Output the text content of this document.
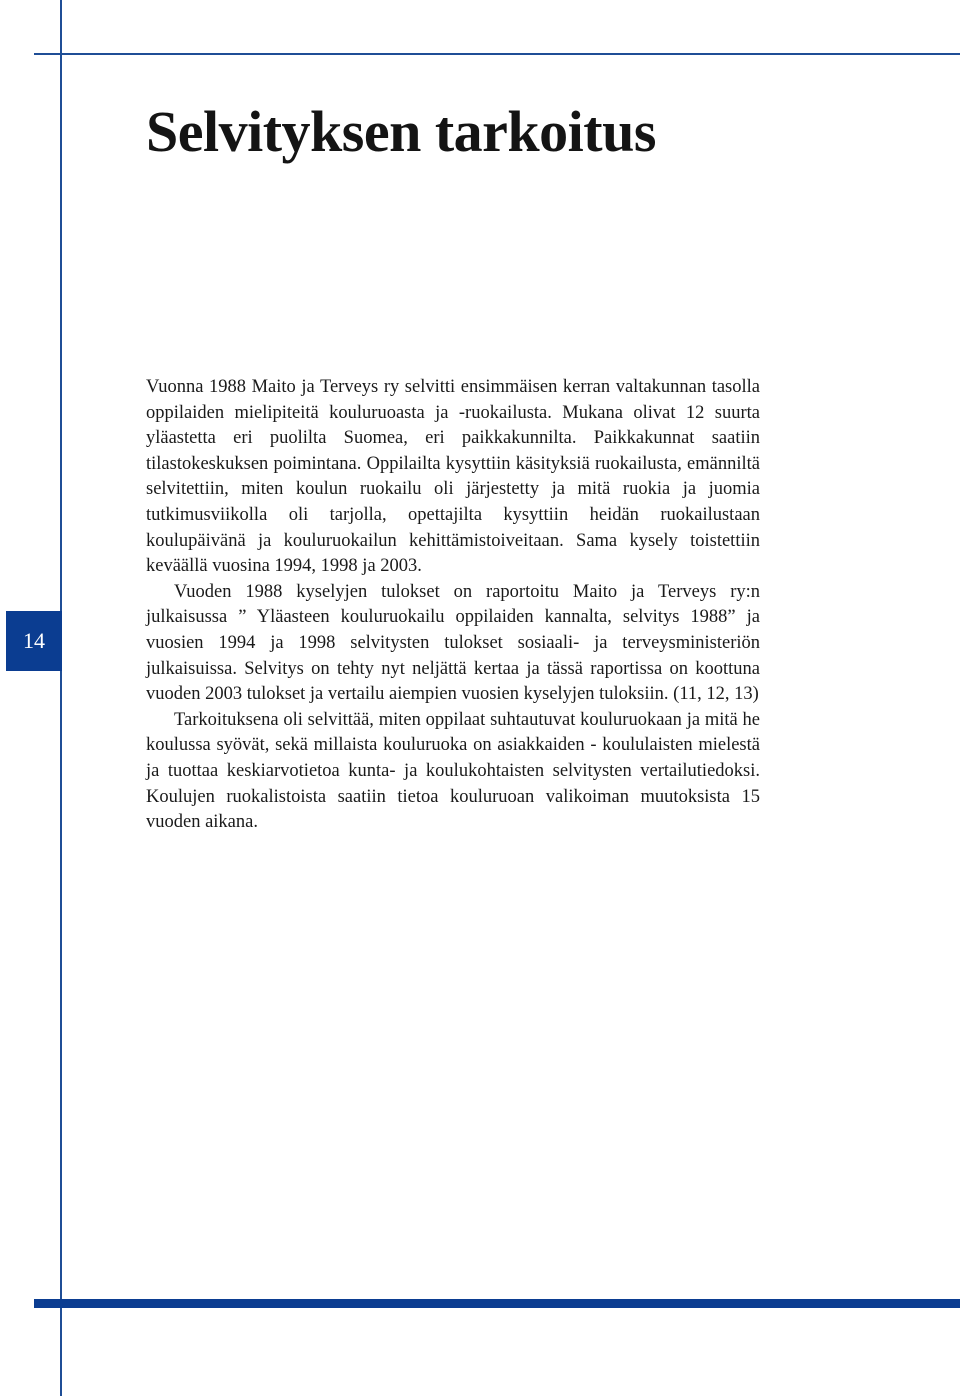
14
Selvityksen tarkoitus

Vuonna 1988 Maito ja Terveys ry selvitti ensimmäisen kerran valtakunnan tasolla oppilaiden mielipiteitä kouluruoasta ja -ruokailusta. Mukana olivat 12 suurta yläastetta eri puolilta Suomea, eri paikkakunnilta. Paikkakunnat saatiin tilastokeskuksen poimintana. Oppilailta kysyttiin käsityksiä ruokailusta, emänniltä selvitettiin, miten koulun ruokailu oli järjestetty ja mitä ruokia ja juomia tutkimusviikolla oli tarjolla, opettajilta kysyttiin heidän ruokailustaan koulupäivänä ja kouluruokailun kehittämistoiveitaan. Sama kysely toistettiin keväällä vuosina 1994, 1998 ja 2003.

Vuoden 1988 kyselyjen tulokset on raportoitu Maito ja Terveys ry:n julkaisussa ” Yläasteen kouluruokailu oppilaiden kannalta, selvitys 1988” ja vuosien 1994 ja 1998 selvitysten tulokset sosiaali- ja terveysministeriön julkaisuissa. Selvitys on tehty nyt neljättä kertaa ja tässä raportissa on koottuna vuoden 2003 tulokset ja vertailu aiempien vuosien kyselyjen tuloksiin. (11, 12, 13)

Tarkoituksena oli selvittää, miten oppilaat suhtautuvat kouluruokaan ja mitä he koulussa syövät, sekä millaista kouluruoka on asiakkaiden - koululaisten mielestä ja tuottaa keskiarvotietoa kunta- ja koulukohtaisten selvitysten vertailutiedoksi. Koulujen ruokalistoista saatiin tietoa kouluruoan valikoiman muutoksista 15 vuoden aikana.
